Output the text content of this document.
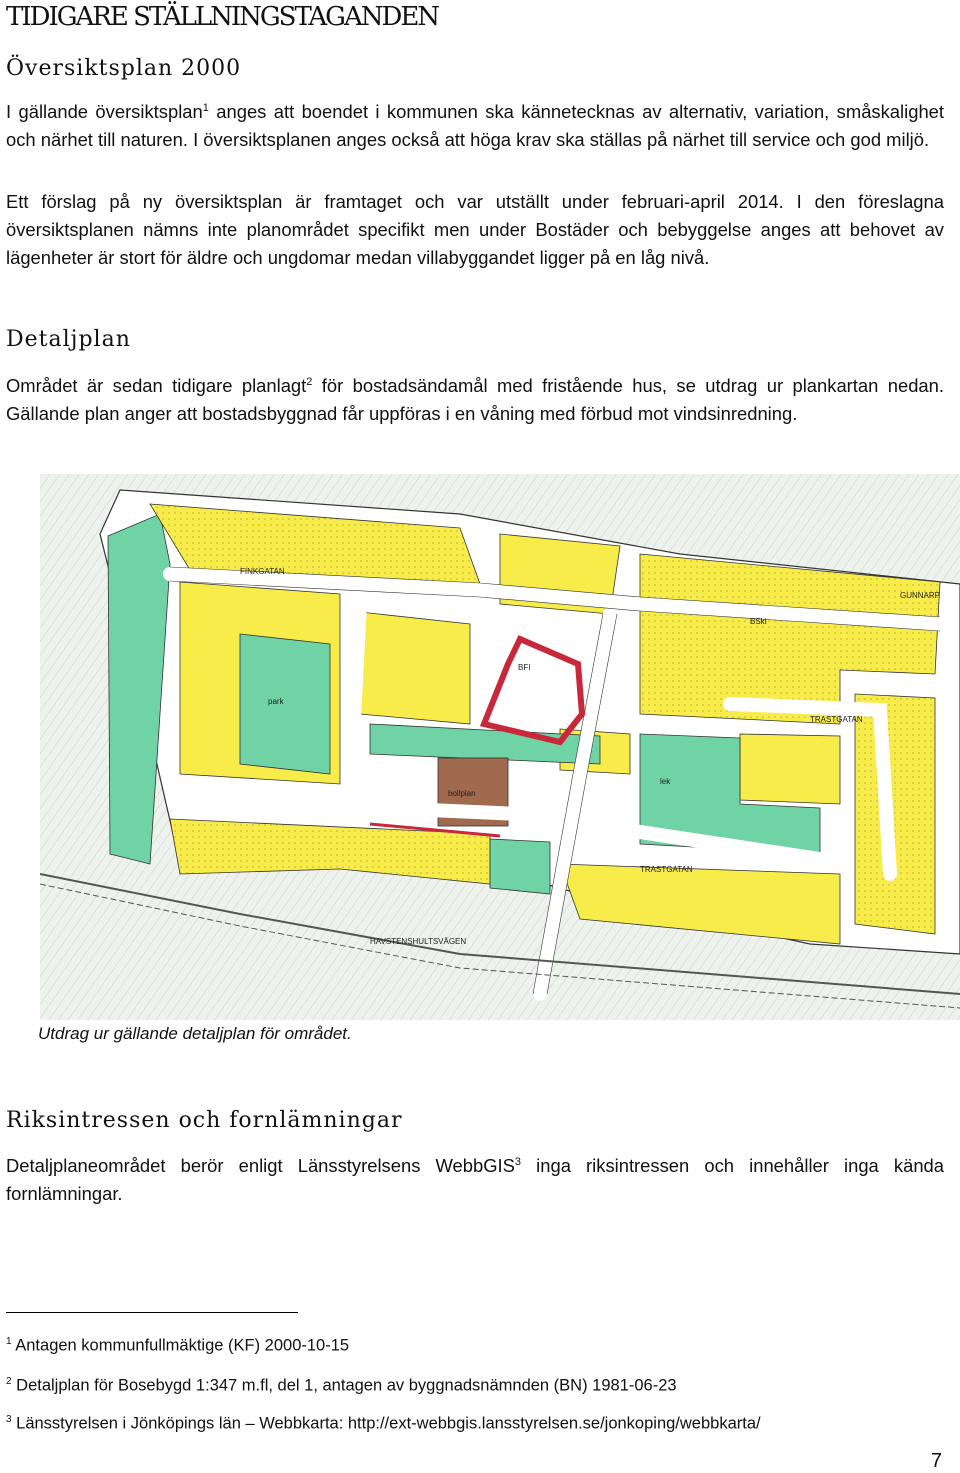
TIDIGARE STÄLLNINGSTAGANDEN
Översiktsplan 2000

I gällande översiktsplan$^1$ anges att boendet i kommunen ska kännetecknas av alternativ, variation, småskalighet och närhet till naturen. I översiktsplanen anges också att höga krav ska ställas på närhet till service och god miljö.

Ett förslag på ny översiktsplan är framtaget och var utställt under februari-april 2014. I den föreslagna översiktsplanen nämns inte planområdet specifikt men under Bostäder och bebyggelse anges att behovet av lägenheter är stort för äldre och ungdomar medan villabyggandet ligger på en låg nivå.

Detaljplan

Området är sedan tidigare planlagt$^2$ för bostadsändamål med fristående hus, se utdrag ur plankartan nedan. Gällande plan anger att bostadsbyggnad får uppföras i en våning med förbud mot vindsinredning.

FINKGATAN
TRASTGATAN
TRASTGATAN
HAVSTENSHULTSVÄGEN
BFI
bollplan
park
lek
GUNNARP
BSkI
Utdrag ur gällande detaljplan för området.
Riksintressen och fornlämningar

Detaljplaneområdet berör enligt Länsstyrelsens WebbGIS$^3$ inga riksintressen och innehåller inga kända fornlämningar.

$^1$ Antagen kommunfullmäktige (KF) 2000-10-15
$^2$ Detaljplan för Bosebygd 1:347 m.fl, del 1, antagen av byggnadsnämnden (BN) 1981-06-23
$^3$ Länsstyrelsen i Jönköpings län – Webbkarta: http://ext-webbgis.lansstyrelsen.se/jonkoping/webbkarta/
7
